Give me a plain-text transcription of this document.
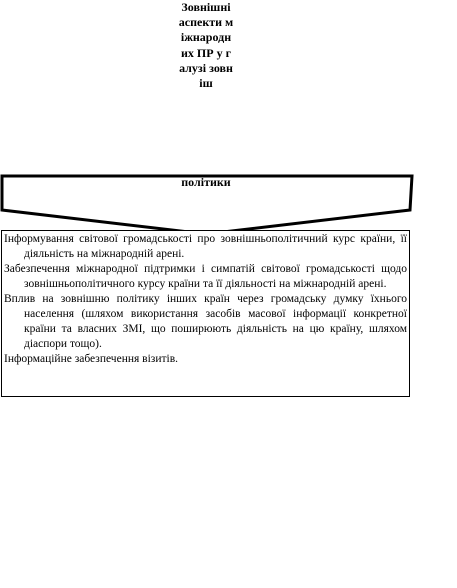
Зовнішні аспекти міжнародних ПР у галузі зовніш
політики

Інформування світової громадськості про зовнішньополітичний курс країни, її діяльність на міжнародній арені.

Забезпечення міжнародної підтримки і симпатій світової громадськості щодо зовнішньополітичного курсу країни та її діяльності на міжнародній арені.

Вплив на зовнішню політику інших країн через громадську думку їхнього населення (шляхом використання засобів масової інформації конкретної країни та власних ЗМІ, що поширюють діяльність на цю країну, шляхом діаспори тощо).

Інформаційне забезпечення візитів.
